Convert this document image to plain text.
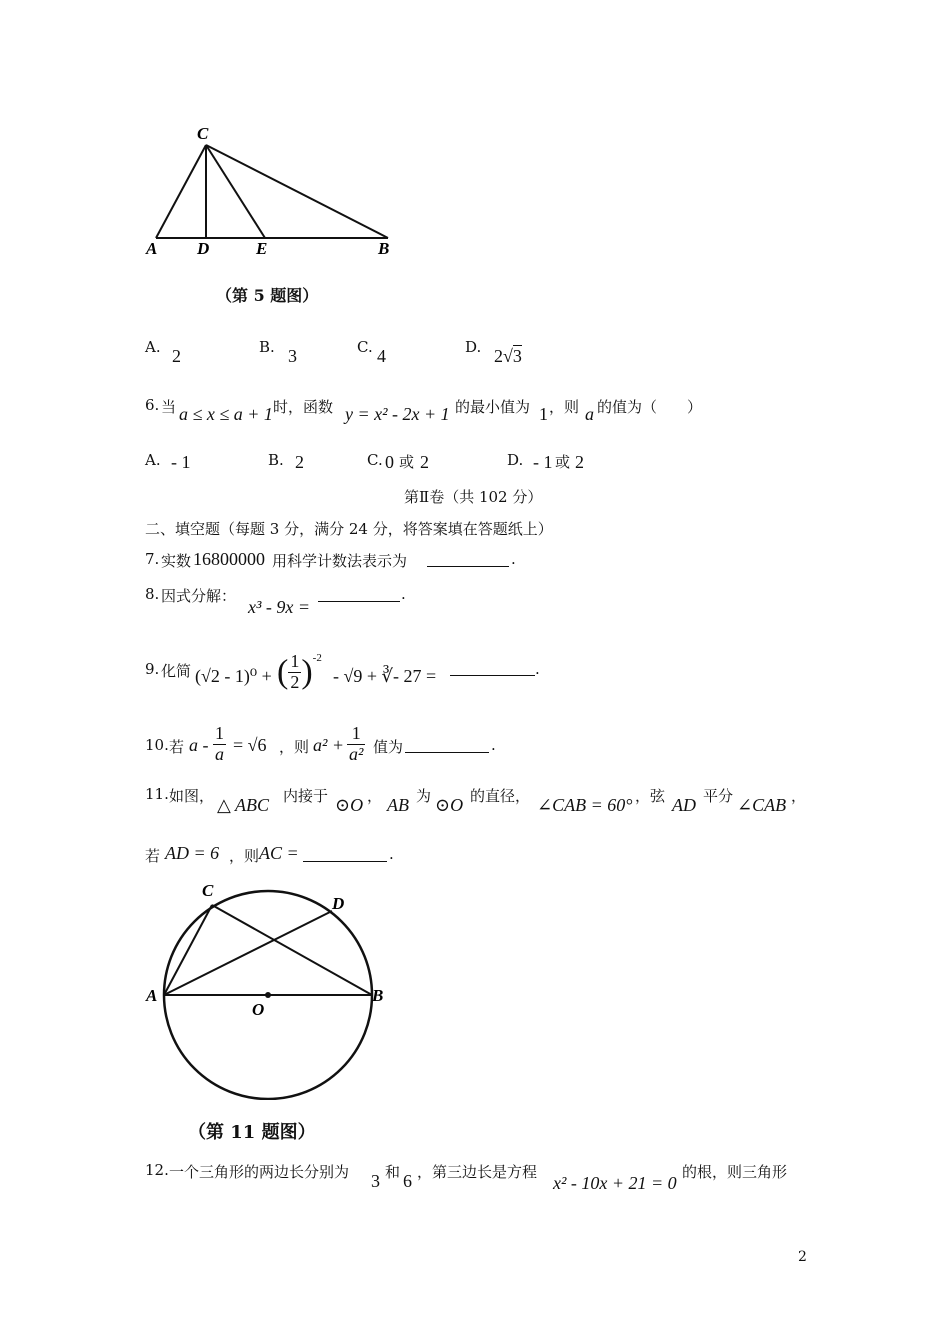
C
A D	E	B
（第 5 题图）
A. 2	B. 3	C. 4	D. 2√3
6. 当 a ≤ x ≤ a + 1 时，函数 y = x² - 2x + 1 的最小值为 1 ，则 a 的值为（　　）
A. - 1	B. 2	C. 0 或 2	D. - 1 或 2
第Ⅱ卷（共 102 分）
二、填空题（每题 3 分，满分 24 分，将答案填在答题纸上）
7. 实数 16800000 用科学计数法表示为	.
8. 因式分解：
x³ - 9x =
.
9. 化简 (√2 - 1)⁰ + ( $\frac{1}{2} )^{-2}$
- √9 + ∛- 27 =	.
10. 若 $a - \frac{1}{a} = √6$ ，则 $a^2 + \frac{1}{\text{a²}}$ 值为	.
11. 如图， △ ABC 内接于 ⊙O ， AB 为 ⊙O 的直径， ∠CAB = 60° ，弦 AD 平分 ∠CAB ，
若 AD = 6 ，则 AC =	.
C
D
A
O
B
（第 11 题图）
12. 一个三角形的两边长分别为 3 和 6 ，第三边长是方程
x² - 10x + 21 = 0
的根，则三角形
2
